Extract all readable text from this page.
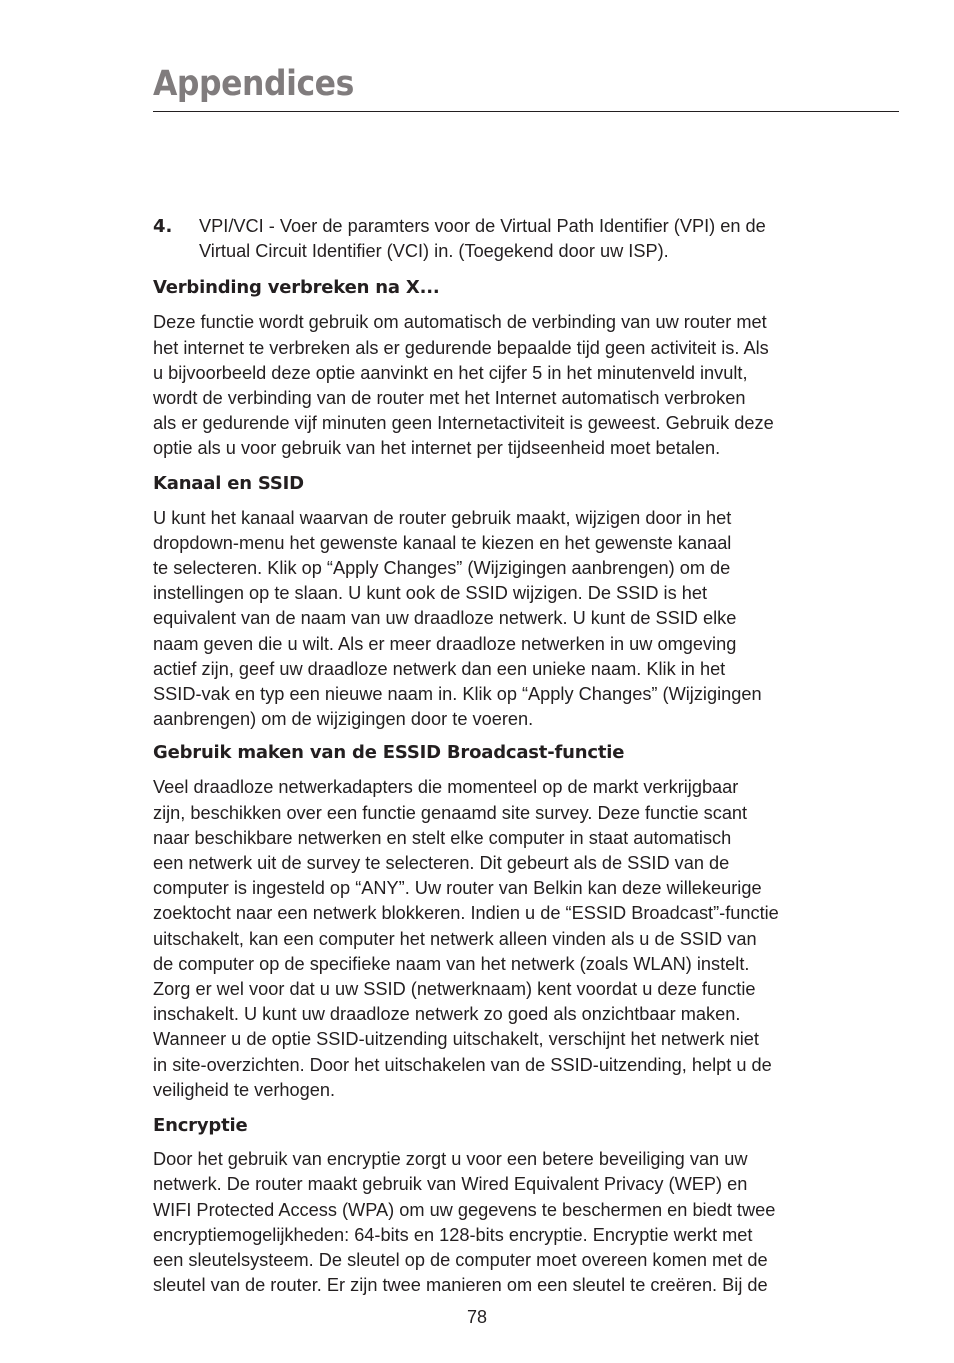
Appendices
4. VPI/VCI - Voer de paramters voor de Virtual Path Identifier (VPI) en de
Virtual Circuit Identifier (VCI) in. (Toegekend door uw ISP).
Verbinding verbreken na X...
Deze functie wordt gebruik om automatisch de verbinding van uw router met
het internet te verbreken als er gedurende bepaalde tijd geen activiteit is. Als
u bijvoorbeeld deze optie aanvinkt en het cijfer 5 in het minutenveld invult,
wordt de verbinding van de router met het Internet automatisch verbroken
als er gedurende vijf minuten geen Internetactiviteit is geweest. Gebruik deze
optie als u voor gebruik van het internet per tijdseenheid moet betalen.
Kanaal en SSID
U kunt het kanaal waarvan de router gebruik maakt, wijzigen door in het
dropdown-menu het gewenste kanaal te kiezen en het gewenste kanaal
te selecteren. Klik op “Apply Changes” (Wijzigingen aanbrengen) om de
instellingen op te slaan. U kunt ook de SSID wijzigen. De SSID is het
equivalent van de naam van uw draadloze netwerk. U kunt de SSID elke
naam geven die u wilt. Als er meer draadloze netwerken in uw omgeving
actief zijn, geef uw draadloze netwerk dan een unieke naam. Klik in het
SSID-vak en typ een nieuwe naam in. Klik op “Apply Changes” (Wijzigingen
aanbrengen) om de wijzigingen door te voeren.
Gebruik maken van de ESSID Broadcast-functie
Veel draadloze netwerkadapters die momenteel op de markt verkrijgbaar
zijn, beschikken over een functie genaamd site survey. Deze functie scant
naar beschikbare netwerken en stelt elke computer in staat automatisch
een netwerk uit de survey te selecteren. Dit gebeurt als de SSID van de
computer is ingesteld op “ANY”. Uw router van Belkin kan deze willekeurige
zoektocht naar een netwerk blokkeren. Indien u de “ESSID Broadcast”-functie
uitschakelt, kan een computer het netwerk alleen vinden als u de SSID van
de computer op de specifieke naam van het netwerk (zoals WLAN) instelt.
Zorg er wel voor dat u uw SSID (netwerknaam) kent voordat u deze functie
inschakelt. U kunt uw draadloze netwerk zo goed als onzichtbaar maken.
Wanneer u de optie SSID-uitzending uitschakelt, verschijnt het netwerk niet
in site-overzichten. Door het uitschakelen van de SSID-uitzending, helpt u de
veiligheid te verhogen.
Encryptie
Door het gebruik van encryptie zorgt u voor een betere beveiliging van uw
netwerk. De router maakt gebruik van Wired Equivalent Privacy (WEP) en
WIFI Protected Access (WPA) om uw gegevens te beschermen en biedt twee
encryptiemogelijkheden: 64-bits en 128-bits encryptie. Encryptie werkt met
een sleutelsysteem. De sleutel op de computer moet overeen komen met de
sleutel van de router. Er zijn twee manieren om een sleutel te creëren. Bij de
78
